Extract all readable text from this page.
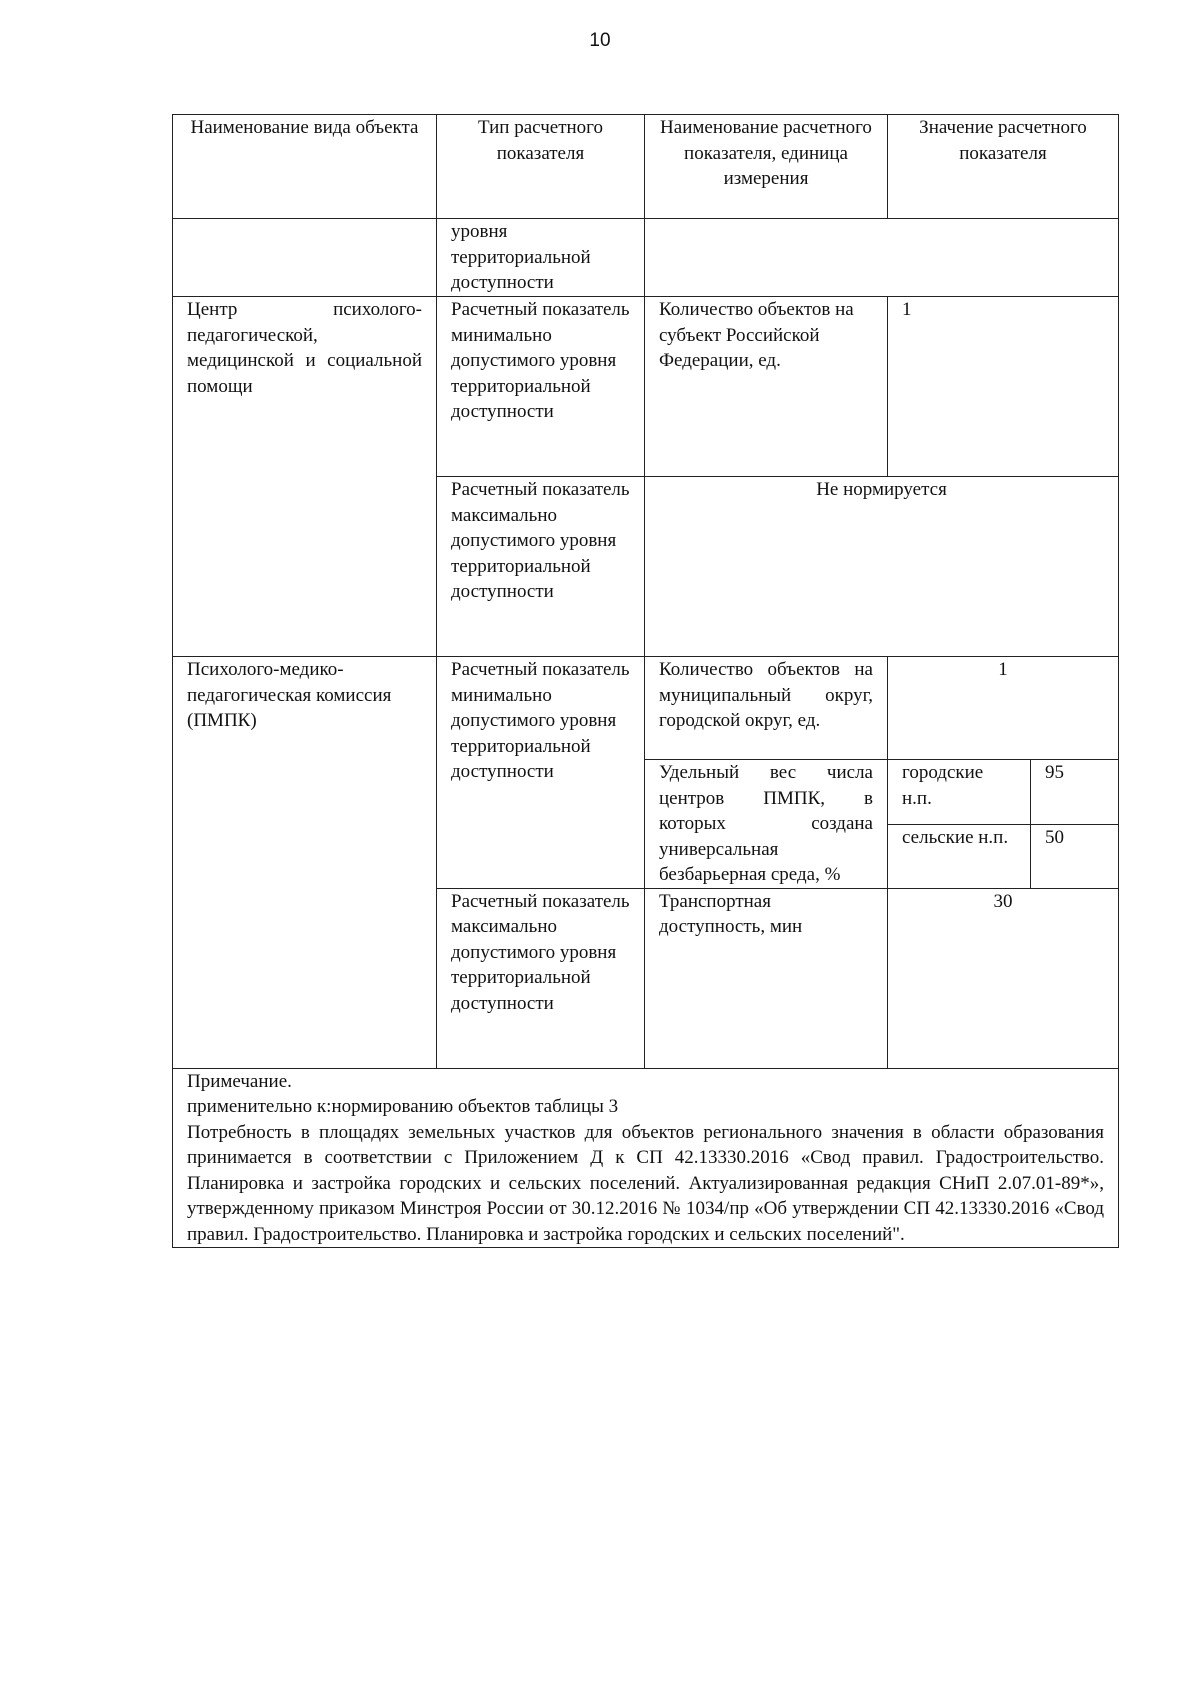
10
Наименование вида объекта	Тип расчетного показателя	Наименование расчетного показателя, единица измерения	Значение расчетного показателя	
	уровня территориальной доступности			

Центр психолого-педагогической, медицинской и социальной помощи	Расчетный показатель минимально допустимого уровня территориальной доступности	Количество объектов на субъект Российской Федерации, ед.	1	
	Расчетный показатель максимально допустимого уровня территориальной доступности	Не нормируется		
Психолого-медико-педагогическая комиссия (ПМПК)	Расчетный показатель минимально допустимого уровня территориальной доступности	Количество объектов на муниципальный округ, городской округ, ед.	1	

		Удельный вес числа центров ПМПК, в которых создана универсальная безбарьерная среда, %	городские н.п.	95
			сельские н.п.	50
	Расчетный показатель максимально допустимого уровня территориальной доступности	Транспортная доступность, мин	30	

Примечание.
применительно к:нормированию объектов таблицы 3
Потребность в площадях земельных участков для объектов регионального значения в области образования принимается в соответствии с Приложением Д к СП 42.13330.2016 «Свод правил. Градостроительство. Планировка и застройка городских и сельских поселений. Актуализированная редакция СНиП 2.07.01-89*», утвержденному приказом Минстроя России от 30.12.2016 № 1034/пр «Об утверждении СП 42.13330.2016 «Свод правил. Градостроительство. Планировка и застройка городских и сельских поселений".				
